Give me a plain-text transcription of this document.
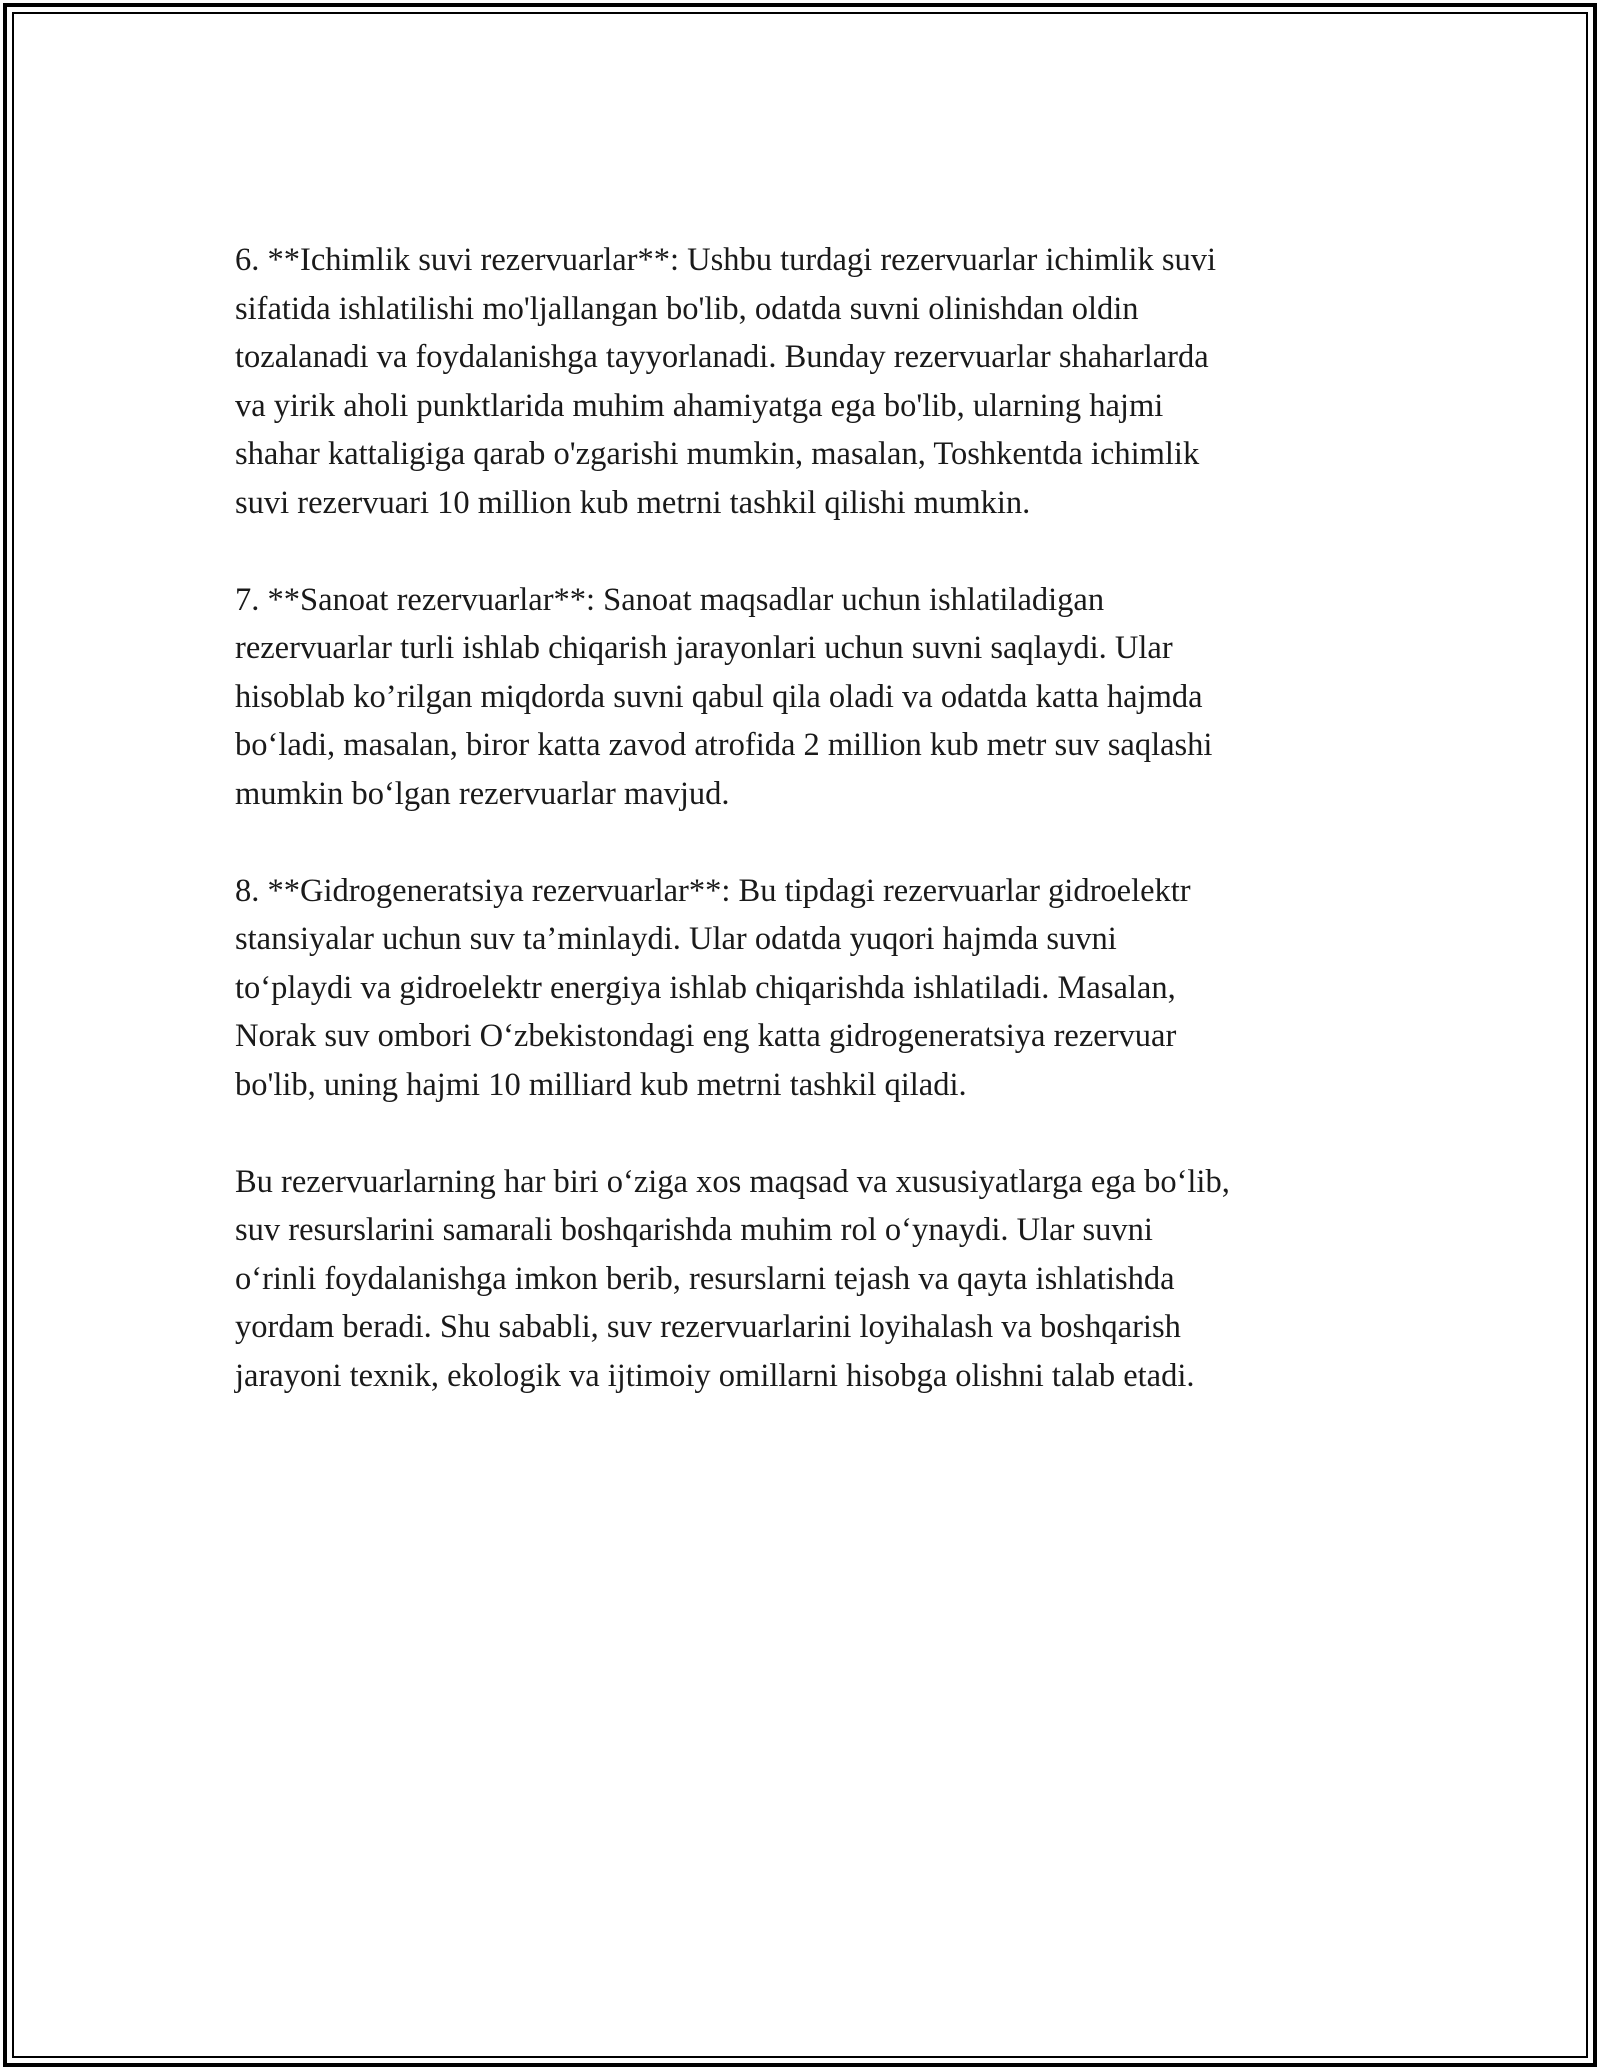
6. **Ichimlik suvi rezervuarlar**: Ushbu turdagi rezervuarlar ichimlik suvi
sifatida ishlatilishi mo'ljallangan bo'lib, odatda suvni olinishdan oldin
tozalanadi va foydalanishga tayyorlanadi. Bunday rezervuarlar shaharlarda
va yirik aholi punktlarida muhim ahamiyatga ega bo'lib, ularning hajmi
shahar kattaligiga qarab o'zgarishi mumkin, masalan, Toshkentda ichimlik
suvi rezervuari 10 million kub metrni tashkil qilishi mumkin.

7. **Sanoat rezervuarlar**: Sanoat maqsadlar uchun ishlatiladigan
rezervuarlar turli ishlab chiqarish jarayonlari uchun suvni saqlaydi. Ular
hisoblab ko’rilgan miqdorda suvni qabul qila oladi va odatda katta hajmda
bo‘ladi, masalan, biror katta zavod atrofida 2 million kub metr suv saqlashi
mumkin bo‘lgan rezervuarlar mavjud.

8. **Gidrogeneratsiya rezervuarlar**: Bu tipdagi rezervuarlar gidroelektr
stansiyalar uchun suv ta’minlaydi. Ular odatda yuqori hajmda suvni
to‘playdi va gidroelektr energiya ishlab chiqarishda ishlatiladi. Masalan,
Norak suv ombori O‘zbekistondagi eng katta gidrogeneratsiya rezervuar
bo'lib, uning hajmi 10 milliard kub metrni tashkil qiladi.

Bu rezervuarlarning har biri o‘ziga xos maqsad va xususiyatlarga ega bo‘lib,
suv resurslarini samarali boshqarishda muhim rol o‘ynaydi. Ular suvni
o‘rinli foydalanishga imkon berib, resurslarni tejash va qayta ishlatishda
yordam beradi. Shu sababli, suv rezervuarlarini loyihalash va boshqarish
jarayoni texnik, ekologik va ijtimoiy omillarni hisobga olishni talab etadi.
